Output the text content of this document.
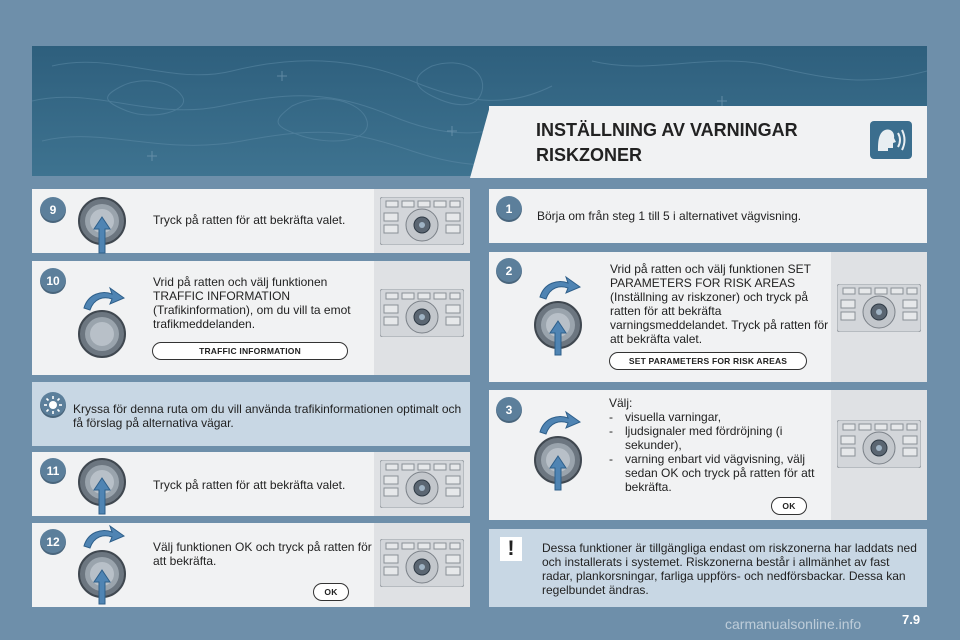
INSTÄLLNING AV VARNINGAR RISKZONER
9
Tryck på ratten för att bekräfta valet.
10	Vrid på ratten och välj funktionen TRAFFIC INFORMATION (Trafikinformation), om du vill ta emot trafikmeddelanden.
TRAFFIC INFORMATION
Kryssa för denna ruta om du vill använda trafikinformationen optimalt och få förslag på alternativa vägar.
11
Tryck på ratten för att bekräfta valet.
12	Välj funktionen OK och tryck på ratten för att bekräfta.
OK
1	Börja om från steg 1 till 5 i alternativet vägvisning.
2	Vrid på ratten och välj funktionen SET PARAMETERS FOR RISK AREAS (Inställning av riskzoner) och tryck på ratten för att bekräfta varningsmeddelandet. Tryck på ratten för att bekräfta valet.
SET PARAMETERS FOR RISK AREAS
3	Välj:
-	visuella varningar,
-	ljudsignaler med fördröjning (i sekunder),
-	varning enbart vid vägvisning, välj sedan OK och tryck på ratten för att bekräfta.
OK
!	Dessa funktioner är tillgängliga endast om riskzonerna har laddats ned och installerats i systemet. Riskzonerna består i allmänhet av fast radar, plankorsningar, farliga uppförs- och nedförsbackar. Dessa kan regelbundet ändras.
carmanualsonline.info	7.9
